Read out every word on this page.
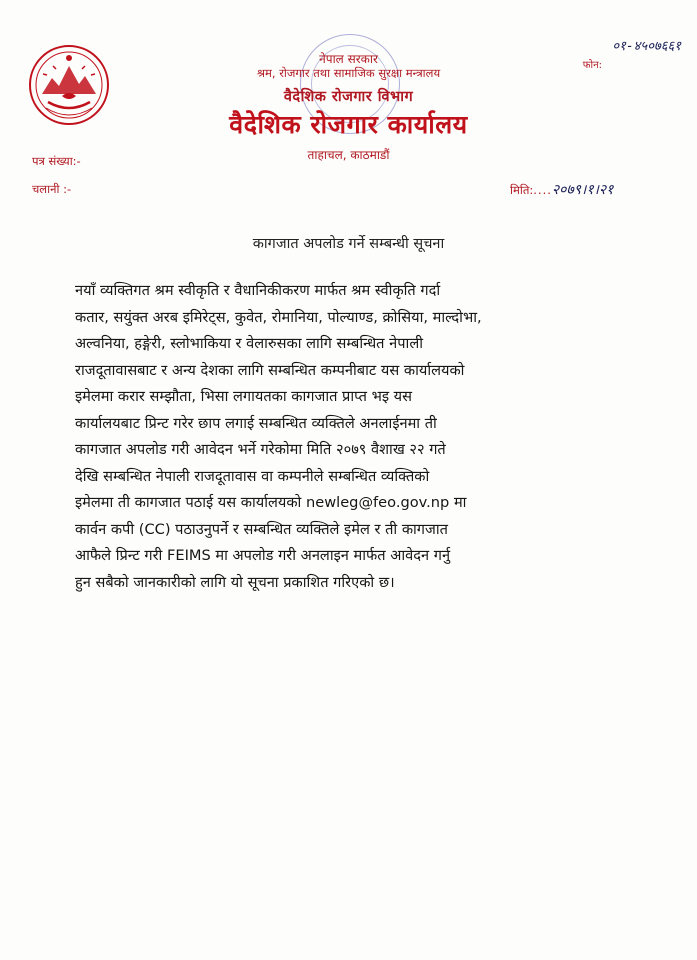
नेपाल सरकार
श्रम, रोजगार तथा सामाजिक सुरक्षा मन्त्रालय
वैदेशिक रोजगार विभाग
वैदेशिक रोजगार कार्यालय
ताहाचल, काठमाडौं
०१-४५०७६६१
फोन:
पत्र संख्या:-
चलानी :-	मिति:....२०७९।१।२१
कागजात अपलोड गर्ने सम्बन्धी सूचना
नयाँ व्यक्तिगत श्रम स्वीकृति र वैधानिकीकरण मार्फत श्रम स्वीकृति गर्दा
कतार, सयुंक्त अरब इमिरेट्स, कुवेत, रोमानिया, पोल्याण्ड, क्रोसिया, माल्दोभा,
अल्वनिया, हङ्गेरी, स्लोभाकिया र वेलारुसका लागि सम्बन्धित नेपाली
राजदूतावासबाट र अन्य देशका लागि सम्बन्धित कम्पनीबाट यस कार्यालयको
इमेलमा करार सम्झौता, भिसा लगायतका कागजात प्राप्त भइ यस
कार्यालयबाट प्रिन्ट गरेर छाप लगाई सम्बन्धित व्यक्तिले अनलाईनमा ती
कागजात अपलोड गरी आवेदन भर्ने गरेकोमा मिति २०७९ वैशाख २२ गते
देखि सम्बन्धित नेपाली राजदूतावास वा कम्पनीले सम्बन्धित व्यक्तिको
इमेलमा ती कागजात पठाई यस कार्यालयको newleg@feo.gov.np मा
कार्वन कपी (CC) पठाउनुपर्ने र सम्बन्धित व्यक्तिले इमेल र ती कागजात
आफैले प्रिन्ट गरी FEIMS मा अपलोड गरी अनलाइन मार्फत आवेदन गर्नु
हुन सबैको जानकारीको लागि यो सूचना प्रकाशित गरिएको छ।
